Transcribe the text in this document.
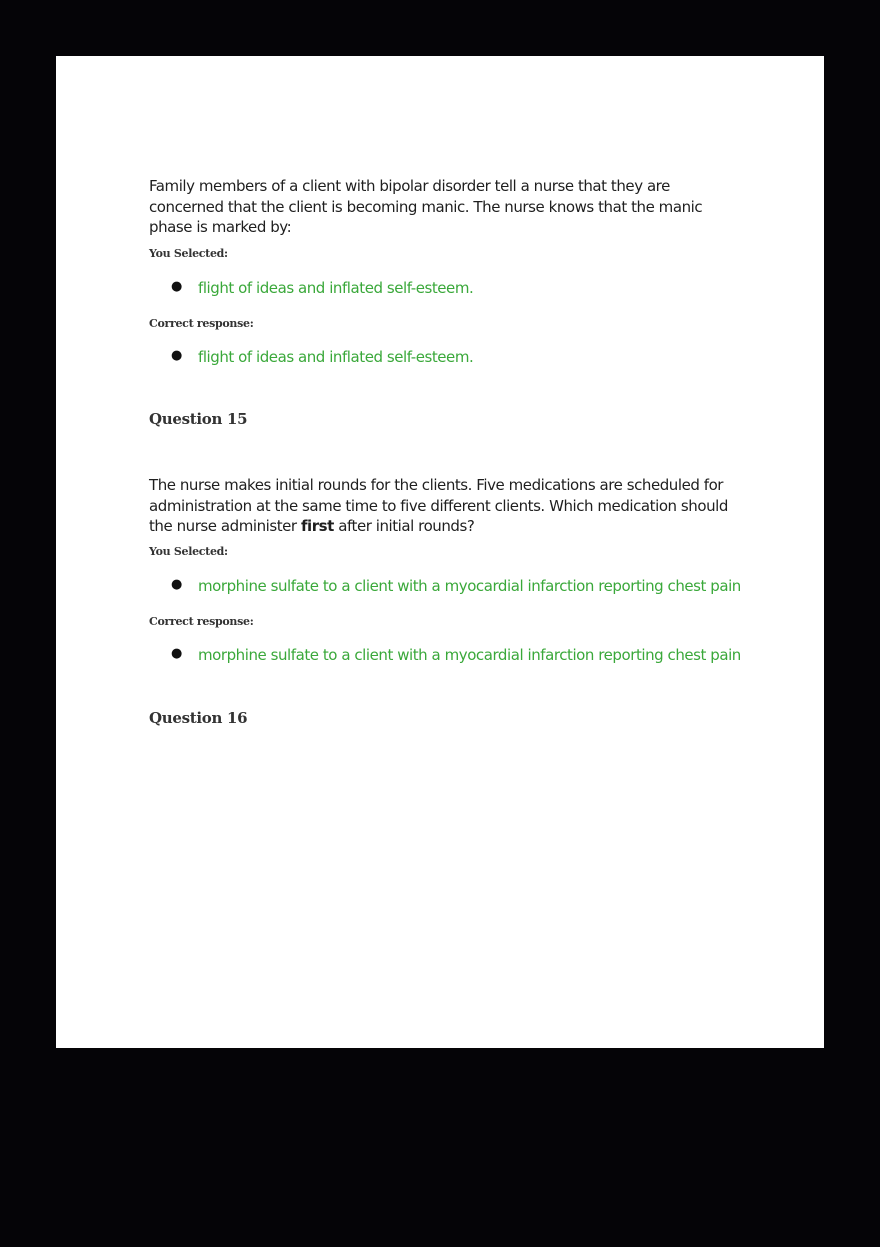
Family members of a client with bipolar disorder tell a nurse that they are

concerned that the client is becoming manic. The nurse knows that the manic

phase is marked by:

You Selected:

● flight of ideas and inflated self-esteem.

Correct response:

● flight of ideas and inflated self-esteem.

Question 15

The nurse makes initial rounds for the clients. Five medications are scheduled for

administration at the same time to five different clients. Which medication should

the nurse administer first after initial rounds?

You Selected:

● morphine sulfate to a client with a myocardial infarction reporting chest pain

Correct response:

● morphine sulfate to a client with a myocardial infarction reporting chest pain

Question 16
